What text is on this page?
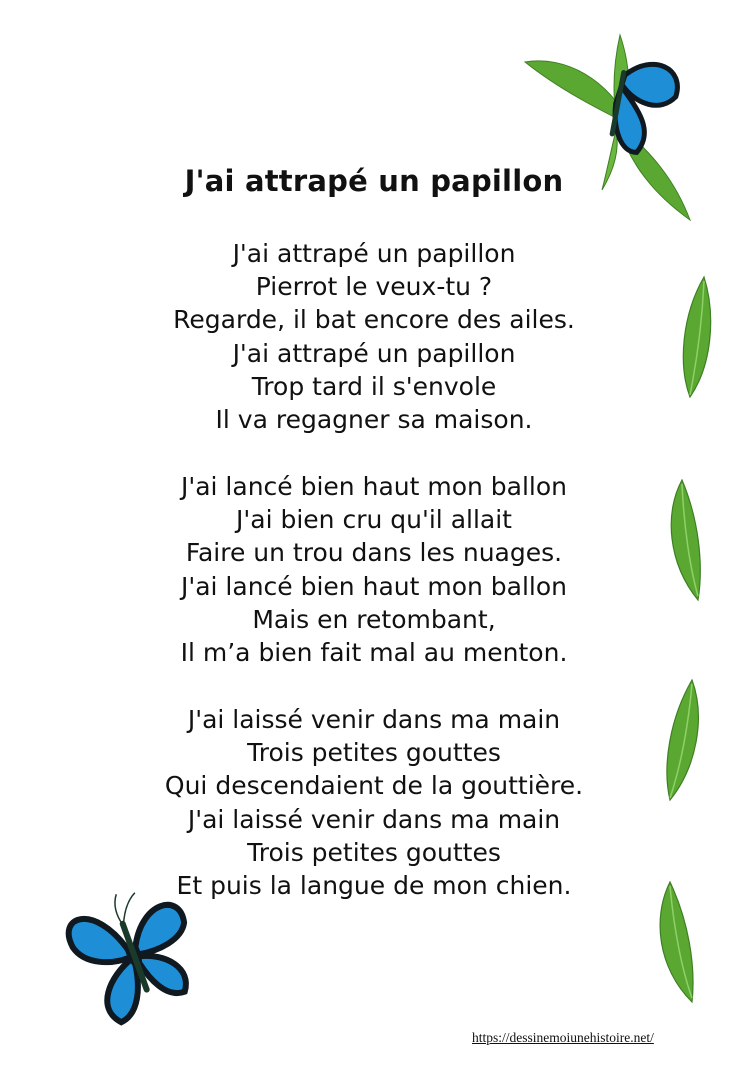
J'ai attrapé un papillon
J'ai attrapé un papillon
Pierrot le veux-tu ?
Regarde, il bat encore des ailes.
J'ai attrapé un papillon
Trop tard il s'envole
Il va regagner sa maison.
J'ai lancé bien haut mon ballon
J'ai bien cru qu'il allait
Faire un trou dans les nuages.
J'ai lancé bien haut mon ballon
Mais en retombant,
Il m’a bien fait mal au menton.
J'ai laissé venir dans ma main
Trois petites gouttes
Qui descendaient de la gouttière.
J'ai laissé venir dans ma main
Trois petites gouttes
Et puis la langue de mon chien.
https://dessinemoiunehistoire.net/
